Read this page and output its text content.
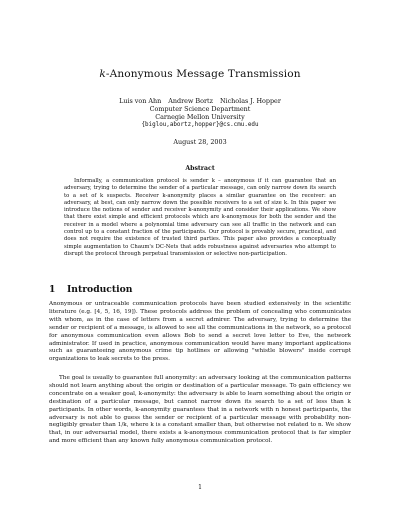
k-Anonymous Message Transmission
Luis von Ahn Andrew Bortz Nicholas J. Hopper
Computer Science Department
Carnegie Mellon University
{biglou,abortz,hopper}@cs.cmu.edu
August 28, 2003
Abstract

Informally, a communication protocol is sender k – anonymous if it can guarantee that an adversary, trying to determine the sender of a particular message, can only narrow down its search to a set of k suspects. Receiver k-anonymity places a similar guarantee on the receiver: an adversary, at best, can only narrow down the possible receivers to a set of size k. In this paper we introduce the notions of sender and receiver k-anonymity and consider their applications. We show that there exist simple and efficient protocols which are k-anonymous for both the sender and the receiver in a model where a polynomial time adversary can see all traffic in the network and can control up to a constant fraction of the participants. Our protocol is provably secure, practical, and does not require the existence of trusted third parties. This paper also provides a conceptually simple augmentation to Chaum's DC-Nets that adds robustness against adversaries who attempt to disrupt the protocol through perpetual transmission or selective non-participation.

1 Introduction

Anonymous or untraceable communication protocols have been studied extensively in the scientific literature (e.g. [4, 5, 16, 19]). These protocols address the problem of concealing who communicates with whom, as in the case of letters from a secret admirer. The adversary, trying to determine the sender or recipient of a message, is allowed to see all the communications in the network, so a protocol for anonymous communication even allows Bob to send a secret love letter to Eve, the network administrator. If used in practice, anonymous communication would have many important applications such as guaranteeing anonymous crime tip hotlines or allowing "whistle blowers" inside corrupt organizations to leak secrets to the press.

The goal is usually to guarantee full anonymity: an adversary looking at the communication patterns should not learn anything about the origin or destination of a particular message. To gain efficiency we concentrate on a weaker goal, k-anonymity: the adversary is able to learn something about the origin or destination of a particular message, but cannot narrow down its search to a set of less than k participants. In other words, k-anonymity guarantees that in a network with n honest participants, the adversary is not able to guess the sender or recipient of a particular message with probability non-negligibly greater than 1/k, where k is a constant smaller than, but otherwise not related to n. We show that, in our adversarial model, there exists a k-anonymous communication protocol that is far simpler and more efficient than any known fully anonymous communication protocol.

1
